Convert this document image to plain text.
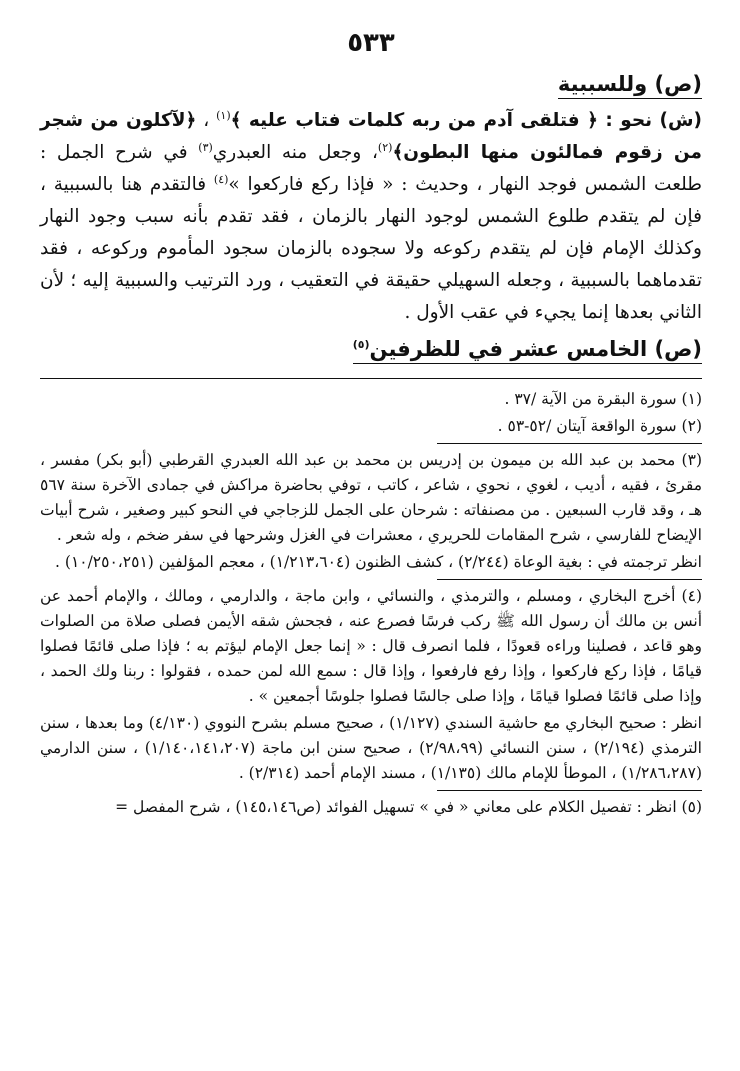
٥٣٣
(ص) وللسببية

(ش) نحو : ﴿ فتلقى آدم من ربه كلمات فتاب عليه ﴾$^{(١)}$ ، ﴿لآكلون من شجر من زقوم فمالئون منها البطون﴾$^{(٢)}$، وجعل منه العبدري$^{(٣)}$ في شرح الجمل : طلعت الشمس فوجد النهار ، وحديث : « فإذا ركع فاركعوا »$^{(٤)}$ فالتقدم هنا بالسببية ، فإن لم يتقدم طلوع الشمس لوجود النهار بالزمان ، فقد تقدم بأنه سبب وجود النهار وكذلك الإمام فإن لم يتقدم ركوعه ولا سجوده بالزمان سجود المأموم وركوعه ، فقد تقدماهما بالسببية ، وجعله السهيلي حقيقة في التعقيب ، ورد الترتيب والسببية إليه ؛ لأن الثاني بعدها إنما يجيء في عقب الأول .

(ص) الخامس عشر في للظرفين$^{(٥)}$

(١) سورة البقرة من الآية /٣٧ .

(٢) سورة الواقعة آيتان /٥٢-٥٣ .

(٣) محمد بن عبد الله بن ميمون بن إدريس بن محمد بن عبد الله العبدري القرطبي (أبو بكر) مفسر ، مقرئ ، فقيه ، أديب ، لغوي ، نحوي ، شاعر ، كاتب ، توفي بحاضرة مراكش في جمادى الآخرة سنة ٥٦٧ هـ ، وقد قارب السبعين . من مصنفاته : شرحان على الجمل للزجاجي في النحو كبير وصغير ، شرح أبيات الإيضاح للفارسي ، شرح المقامات للحريري ، معشرات في الغزل وشرحها في سفر ضخم ، وله شعر .

انظر ترجمته في : بغية الوعاة (٢/٢٤٤) ، كشف الظنون (١/٢١٣،٦٠٤) ، معجم المؤلفين (١٠/٢٥٠،٢٥١) .

(٤) أخرج البخاري ، ومسلم ، والترمذي ، والنسائي ، وابن ماجة ، والدارمي ، ومالك ، والإمام أحمد عن أنس بن مالك أن رسول الله ﷺ ركب فرسًا فصرع عنه ، فجحش شقه الأيمن فصلى صلاة من الصلوات وهو قاعد ، فصلينا وراءه قعودًا ، فلما انصرف قال : « إنما جعل الإمام ليؤتم به ؛ فإذا صلى قائمًا فصلوا قيامًا ، فإذا ركع فاركعوا ، وإذا رفع فارفعوا ، وإذا قال : سمع الله لمن حمده ، فقولوا : ربنا ولك الحمد ، وإذا صلى قائمًا فصلوا قيامًا ، وإذا صلى جالسًا فصلوا جلوسًا أجمعين » .

انظر : صحيح البخاري مع حاشية السندي (١/١٢٧) ، صحيح مسلم بشرح النووي (٤/١٣٠) وما بعدها ، سنن الترمذي (٢/١٩٤) ، سنن النسائي (٢/٩٨،٩٩) ، صحيح سنن ابن ماجة (١/١٤٠،١٤١،٢٠٧) ، سنن الدارمي (١/٢٨٦،٢٨٧) ، الموطأ للإمام مالك (١/١٣٥) ، مسند الإمام أحمد (٢/٣١٤) .

(٥) انظر : تفصيل الكلام على معاني « في » تسهيل الفوائد (ص١٤٥،١٤٦) ، شرح المفصل =
